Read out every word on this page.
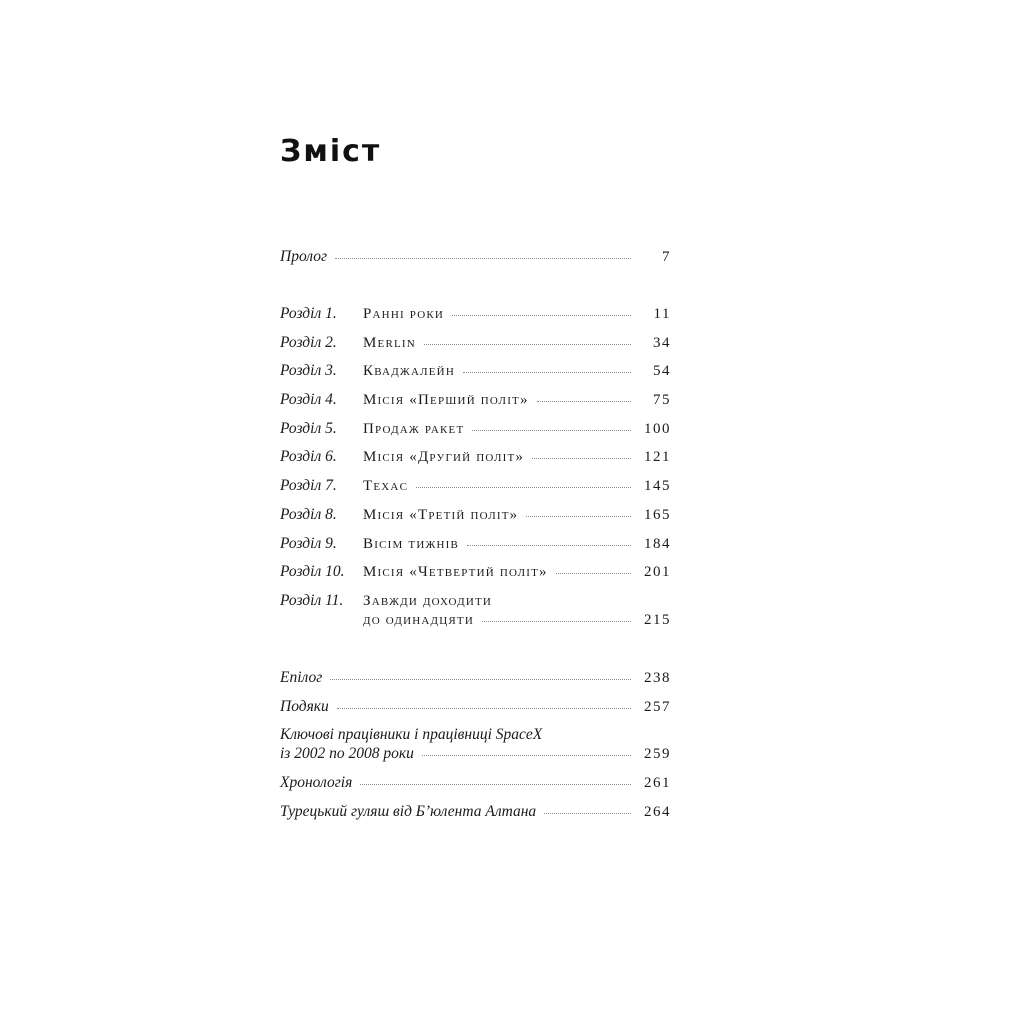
Зміст
Пролог	7
Розділ 1. Ранні роки	11
Розділ 2. Merlin	34
Розділ 3. Кваджалейн	54
Розділ 4. Місія «Перший політ»	75
Розділ 5. Продаж ракет	100
Розділ 6. Місія «Другий політ»	121
Розділ 7. Texac	145
Розділ 8. Місія «Третій політ»	165
Розділ 9. Вісім тижнів	184
Розділ 10. Місія «Четвертий політ»	201
Розділ 11. Завжди доходити
до одинадцяти	215
Епілог	238
Подяки	257
Ключові працівники і працівниці SpaceX
із 2002 по 2008 роки	259
Хронологія	261
Турецький гуляш від Б’юлента Алтана	264
